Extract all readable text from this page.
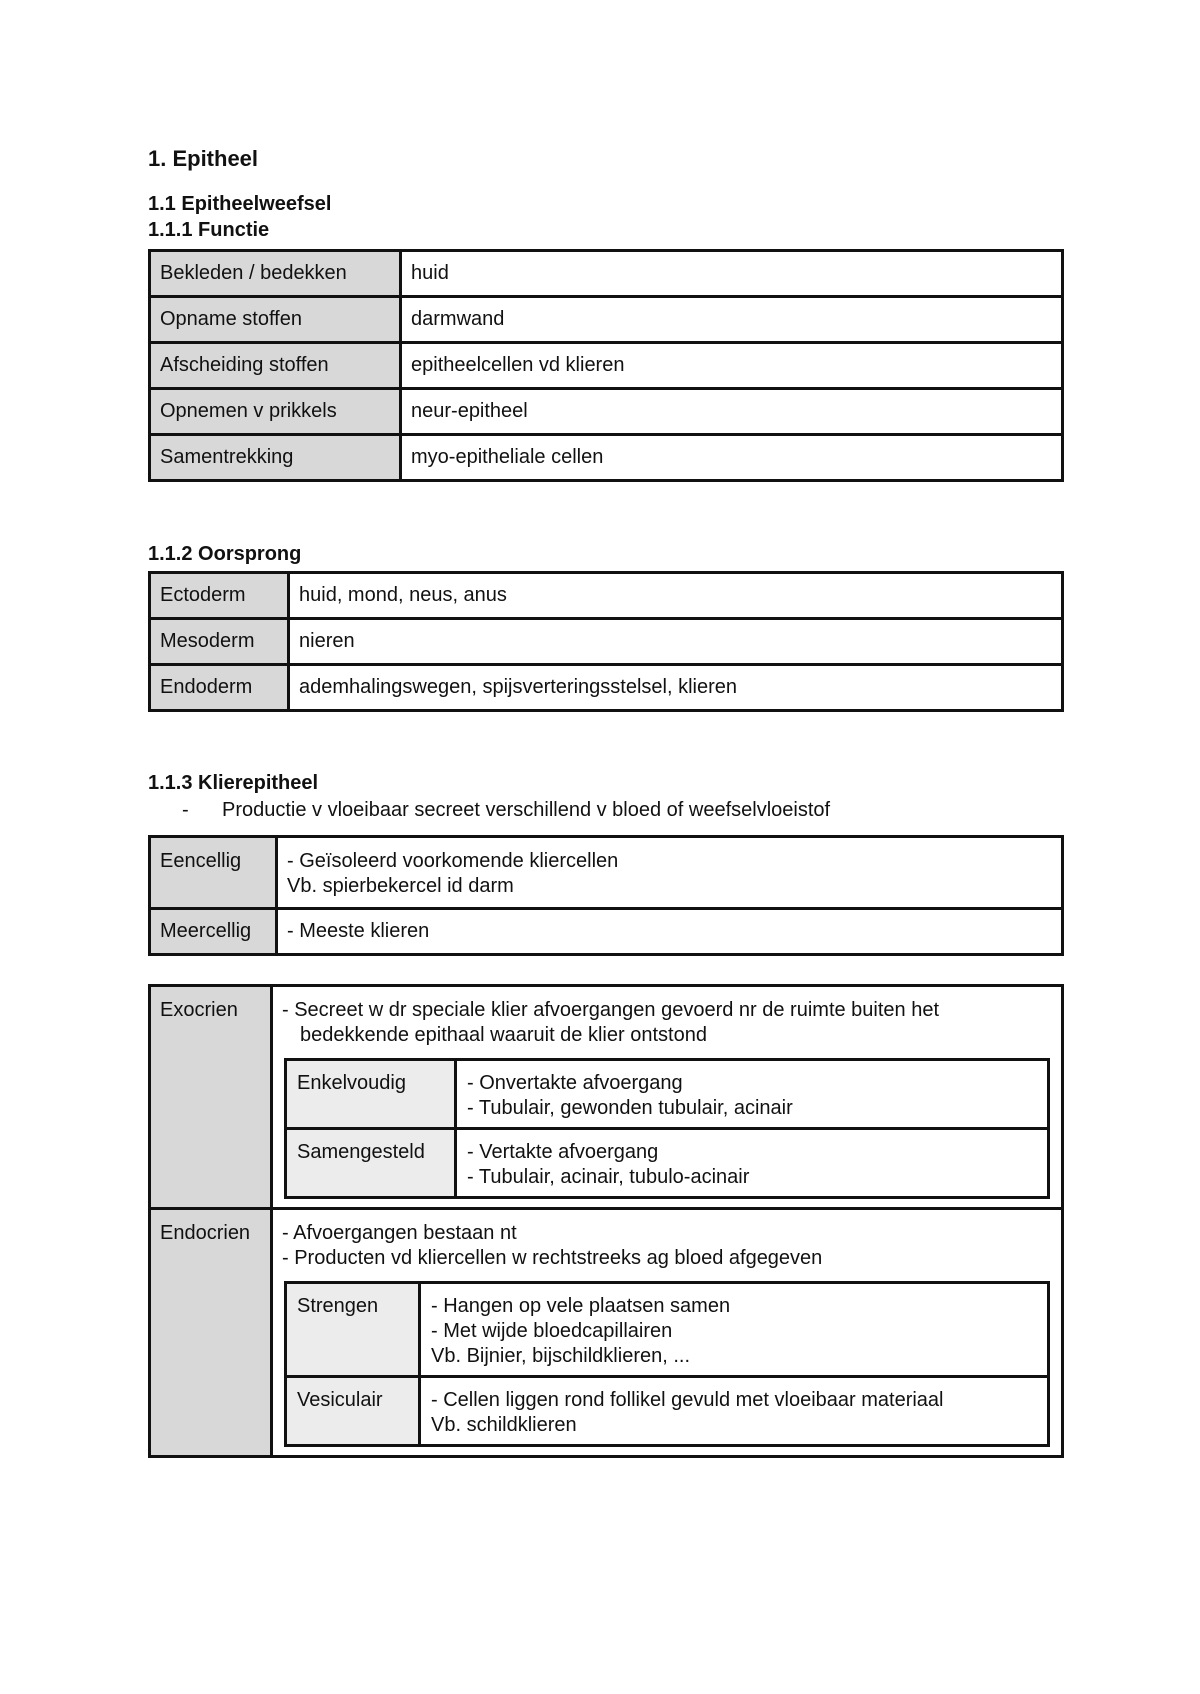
1. Epitheel
1.1 Epitheelweefsel
1.1.1 Functie
Bekleden / bedekken	huid
Opname stoffen	darmwand
Afscheiding stoffen	epitheelcellen vd klieren
Opnemen v prikkels	neur-epitheel
Samentrekking	myo-epitheliale cellen
1.1.2 Oorsprong
Ectoderm	huid, mond, neus, anus
Mesoderm	nieren
Endoderm	ademhalingswegen, spijsverteringsstelsel, klieren
1.1.3 Klierepitheel
- Productie v vloeibaar secreet verschillend v bloed of weefselvloeistof
Eencellig	- Geïsoleerd voorkomende kliercellen
Vb. spierbekercel id darm

Meercellig	- Meeste klieren
Exocrien	- Secreet w dr speciale klier afvoergangen gevoerd nr de ruimte buiten het
bedekkende epithaal waaruit de klier ontstond
Enkelvoudig	- Onvertakte afvoergang
- Tubulair, gewonden tubulair, acinair

Samengesteld	- Vertakte afvoergang
- Tubulair, acinair, tubulo-acinair

Endocrien	- Afvoergangen bestaan nt
- Producten vd kliercellen w rechtstreeks ag bloed afgegeven
Strengen	- Hangen op vele plaatsen samen
- Met wijde bloedcapillairen
Vb. Bijnier, bijschildklieren, ...

Vesiculair	- Cellen liggen rond follikel gevuld met vloeibaar materiaal
Vb. schildklieren
